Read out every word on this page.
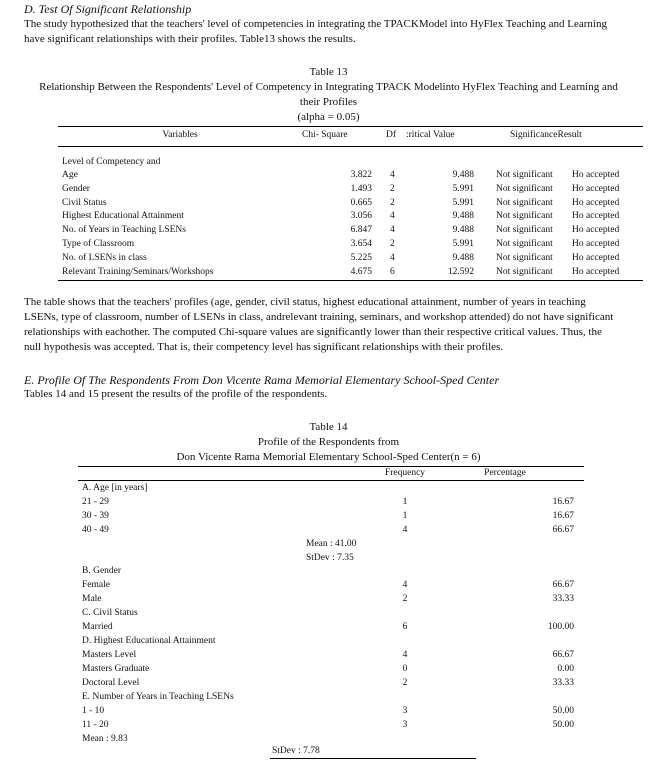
D. Test Of Significant Relationship
The study hypothesized that the teachers' level of competencies in integrating the TPACKModel into HyFlex Teaching and Learning
have significant relationships with their profiles. Table13 shows the results.
Table 13
Relationship Between the Respondents' Level of Competency in Integrating TPACK Modelinto HyFlex Teaching and Learning and
their Profiles
(alpha = 0.05)
Variables	Chi- Square	Df :ritical Value	SignificanceResult
Level of Competency and
Age	3.822 4	9.488 Not significant Ho accepted
Gender	1.493 2	5.991 Not significant Ho accepted
Civil Status	0.665 2	5.991 Not significant Ho accepted
Highest Educational Attainment	3.056 4	9.488 Not significant Ho accepted
No. of Years in Teaching LSENs	6.847 4	9.488 Not significant Ho accepted
Type of Classroom	3.654 2	5.991 Not significant Ho accepted
No. of LSENs in class	5.225 4	9.488 Not significant Ho accepted
Relevant Training/Seminars/Workshops	4.675 6	12.592 Not significant Ho accepted
The table shows that the teachers' profiles (age, gender, civil status, highest educational attainment, number of years in teaching
LSENs, type of classroom, number of LSENs in class, andrelevant training, seminars, and workshop attended) do not have significant
relationships with eachother. The computed Chi-square values are significantly lower than their respective critical values. Thus, the
null hypothesis was accepted. That is, their competency level has significant relationships with their profiles.
E. Profile Of The Respondents From Don Vicente Rama Memorial Elementary School-Sped Center
Tables 14 and 15 present the results of the profile of the respondents.
Table 14
Profile of the Respondents from
Don Vicente Rama Memorial Elementary School-Sped Center(n = 6)
Frequency	Percentage
A. Age [in years]
21 - 29	1	16.67
30 - 39	1	16.67
40 - 49	4	66.67
Mean : 41.00
StDev : 7.35
B. Gender
Female	4	66.67
Male	2	33.33
C. Civil Status
Married	6	100.00
D. Highest Educational Attainment
Masters Level	4	66.67
Masters Graduate	0	0.00
Doctoral Level	2	33.33
E. Number of Years in Teaching LSENs
1 - 10	3	50.00
11 - 20	3	50.00
Mean : 9.83
StDev : 7.78
